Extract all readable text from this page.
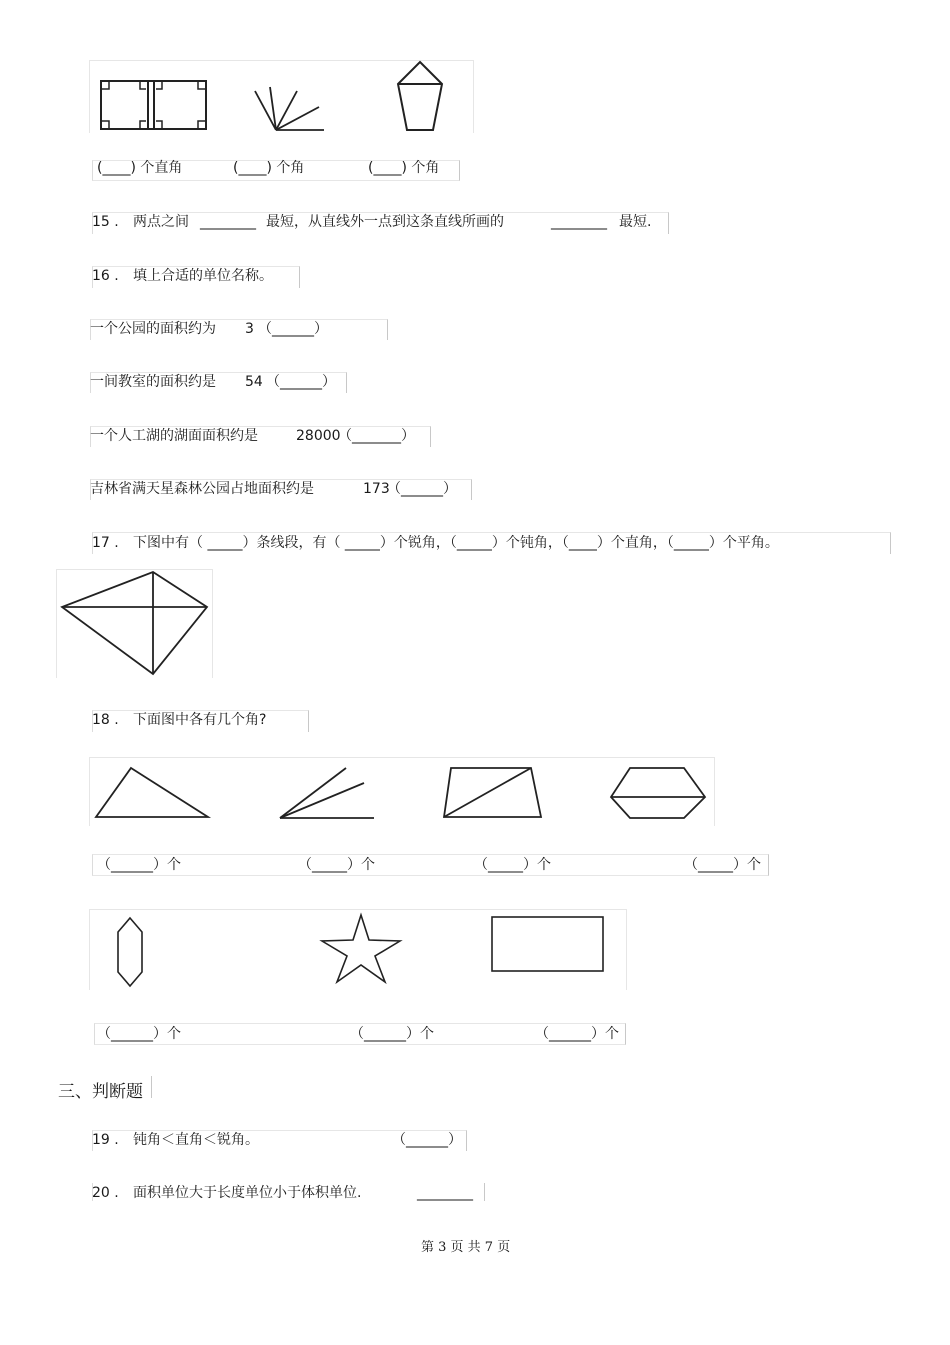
(____) 个直角	(____) 个角	(____) 个角
15 . 两点之间 ________ 最短，从直线外一点到这条直线所画的	________ 最短.
16 . 填上合适的单位名称。
一个公园的面积约为 3 （______）
一间教室的面积约是 54 （______）
一个人工湖的湖面面积约是	28000
（_______）
吉林省满天星森林公园占地面积约是	173
（______）
17 . 下图中有（ _____）条线段，有（ _____）个锐角，（_____）个钝角，（____）个直角，（_____）个平角。
18 . 下面图中各有几个角?
（______）个	（_____）个	（_____）个	（_____）个
（______）个	（______）个	（______）个
三、判断题
19 . 钝角＜直角＜锐角。	（______）
20 . 面积单位大于长度单位小于体积单位.	________
第 3 页 共 7 页
